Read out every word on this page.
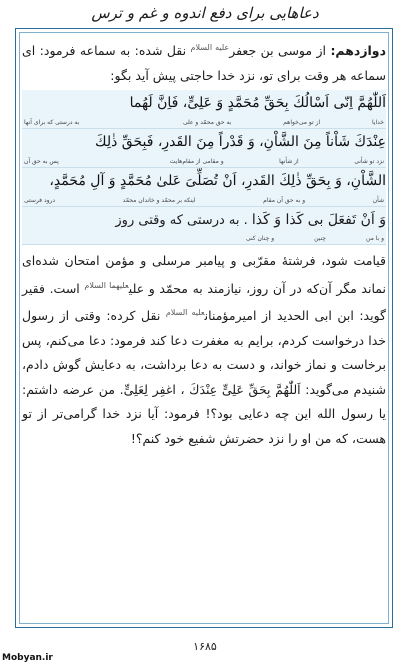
دعاهایی برای دفع اندوه و غم و ترس

دوازدهم: از موسی بن جعفر$^{عليه السلام}$ نقل شده: به سماعه فرمود: ای سماعه هر وقت برای تو، نزد خدا حاجتی پیش آید بگو:

اَللّٰهُمَّ اِنّى اَسْالُكَ بِحَقِّ مُحَمَّدٍ وَ عَلِىٍّ، فَاِنَّ لَهُما
خدایا
از تو می‌خواهم
به حق محمّد و علی
به درستی که برای آنها
عِنْدَكَ شَاْناً مِنَ الشَّاْنِ، وَ قَدْراً مِنَ القَدرِ، فَبِحَقِّ ذٰلِكَ
نزد تو شأنی
از شأنها
و مقامی از مقام‌هایت
پس به حق آن
الشَّاْنِ، وَ بِحَقِّ ذٰلِكَ القَدرِ، اَنْ تُصَلِّىَ عَلىٰ مُحَمَّدٍ وَ آلِ مُحَمَّدٍ،
شأن
و به حق آن مقام
اینکه بر محمّد و خاندان محمّد
درود فرستی
وَ اَنْ تَفعَلَ بى كَذا وَ كَذا . به درستی که وقتی روز
و با من
چنین
و چنان کنی

قیامت شود، فرشتهٔ مقرّبی و پیامبر مرسلی و مؤمن امتحان شده‌ای نماند مگر آن‌که در آن روز، نیازمند به محمّد و علی$^{عليهما السلام}$ است. فقیر گوید: ابن ابی الحدید از امیرمؤمنان$^{عليه السلام}$ نقل کرده: وقتی از رسول خدا درخواست کردم، برایم به مغفرت دعا کند فرمود: دعا می‌کنم، پس برخاست و نماز خواند، و دست به دعا برداشت، به دعایش گوش دادم، شنیدم می‌گوید: اَللّٰهُمَّ بِحَقِّ عَلِىٍّ عِنْدَكَ ، اغفِر لِعَلِىٍّ. من عرضه داشتم: یا رسول الله این چه دعایی بود؟! فرمود: آیا نزد خدا گرامی‌تر از تو هست، که من او را نزد حضرتش شفیع خود کنم؟!

۱۶۸۵
Mobyan.ir
